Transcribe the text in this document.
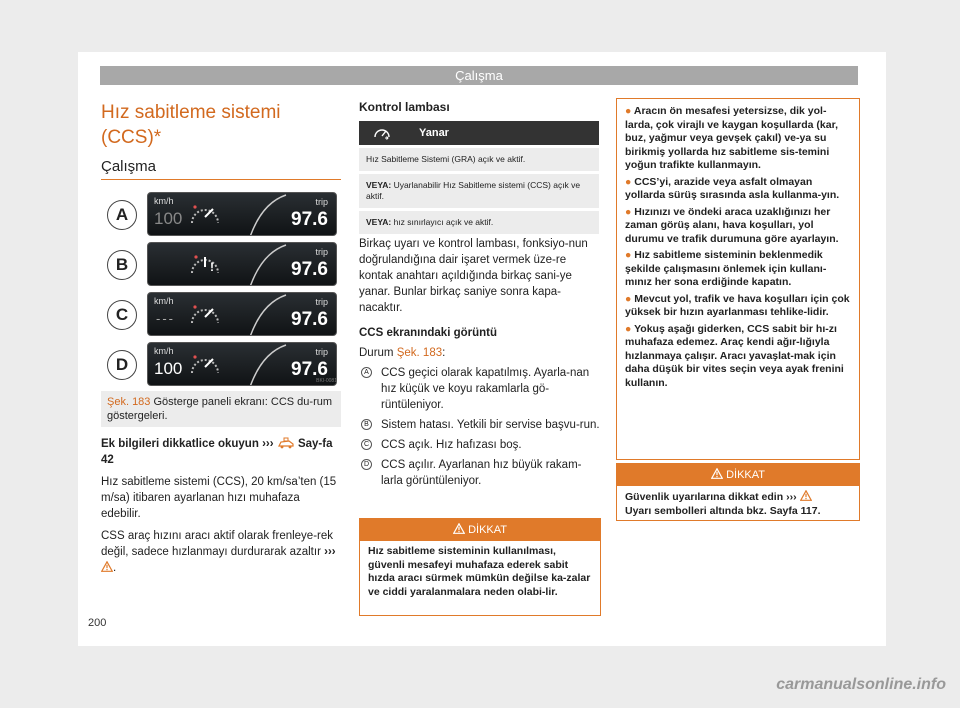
Çalışma
Hız sabitleme sistemi
(CCS)*
Çalışma
A
km/h
100
trip
97.6
B	!
trip
97.6
C
km/h
---
trip
97.6
D
km/h
100
trip
97.6
BKI-0081
Şek. 183 Gösterge paneli ekranı: CCS du-rum göstergeleri.

Ek bilgileri dikkatlice okuyun ››› Say-fa 42

Hız sabitleme sistemi (CCS), 20 km/sa’ten (15 m/sa) itibaren ayarlanan hızı muhafaza edebilir.

CSS araç hızını aracı aktif olarak frenleye-rek değil, sadece hızlanmayı durdurarak azaltır ››› .

Kontrol lambası
Yanar
Hız Sabitleme Sistemi (GRA) açık ve aktif.
VEYA: Uyarlanabilir Hız Sabitleme sistemi (CCS) açık ve aktif.
VEYA: hız sınırlayıcı açık ve aktif.

Birkaç uyarı ve kontrol lambası, fonksiyo-nun doğrulandığına dair işaret vermek üze-re kontak anahtarı açıldığında birkaç sani-ye yanar. Bunlar birkaç saniye sonra kapa-nacaktır.

CCS ekranındaki görüntü

Durum Şek. 183:

A CCS geçici olarak kapatılmış. Ayarla-nan hız küçük ve koyu rakamlarla gö-rüntüleniyor.
B Sistem hatası. Yetkili bir servise başvu-run.
C CCS açık. Hız hafızası boş.
D CCS açılır. Ayarlanan hız büyük rakam-larla görüntüleniyor.
DİKKAT
Hız sabitleme sisteminin kullanılması, güvenli mesafeyi muhafaza ederek sabit hızda aracı sürmek mümkün değilse ka-zalar ve ciddi yaralanmalara neden olabi-lir.
● Aracın ön mesafesi yetersizse, dik yol-larda, çok virajlı ve kaygan koşullarda (kar, buz, yağmur veya gevşek çakıl) ve-ya su birikmiş yollarda hız sabitleme sis-temini yoğun trafikte kullanmayın.
● CCS’yi, arazide veya asfalt olmayan yollarda sürüş sırasında asla kullanma-yın.
● Hızınızı ve öndeki araca uzaklığınızı her zaman görüş alanı, hava koşulları, yol durumu ve trafik durumuna göre ayarlayın.
● Hız sabitleme sisteminin beklenmedik şekilde çalışmasını önlemek için kullanı-mınız her sona erdiğinde kapatın.
● Mevcut yol, trafik ve hava koşulları için çok yüksek bir hızın ayarlanması tehlike-lidir.
● Yokuş aşağı giderken, CCS sabit bir hı-zı muhafaza edemez. Araç kendi ağır-lığıyla hızlanmaya çalışır. Aracı yavaşlat-mak için daha düşük bir vites seçin veya ayak frenini kullanın.
DİKKAT
Güvenlik uyarılarına dikkat edin ›››
Uyarı sembolleri altında bkz. Sayfa 117.
200
carmanualsonline.info
